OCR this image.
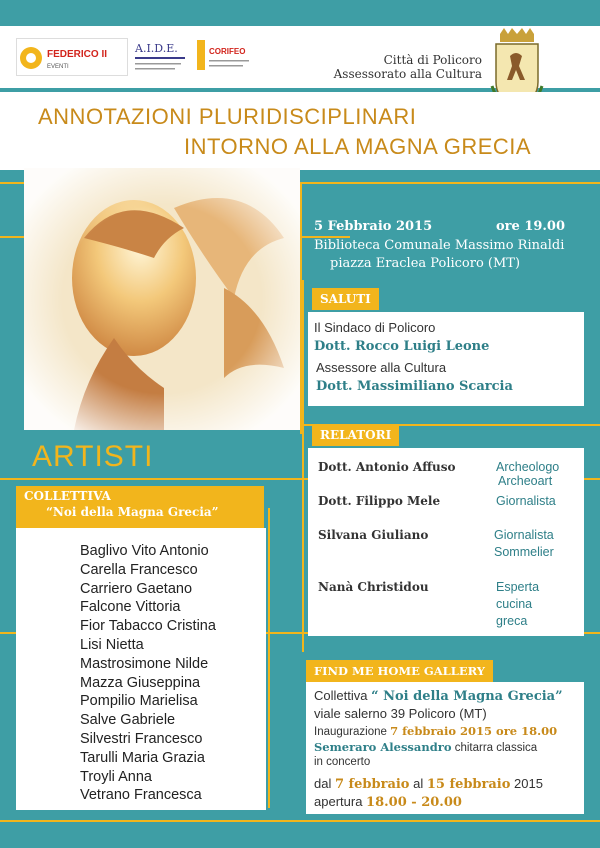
FEDERICO II
EVENTI
A.I.D.E.	CORIFEO
Città di Policoro
Assessorato alla Cultura
ANNOTAZIONI PLURIDISCIPLINARI
INTORNO ALLA MAGNA GRECIA
5 Febbraio 2015	ore 19.00
Biblioteca Comunale Massimo Rinaldi
piazza Eraclea Policoro (MT)
SALUTI
Il Sindaco di Policoro
Dott. Rocco Luigi Leone
Assessore alla Cultura
Dott. Massimiliano Scarcia
RELATORI
Dott. Antonio Affuso	Archeologo
Archeoart
Dott. Filippo Mele	Giornalista
Silvana Giuliano	Giornalista
Sommelier
Nanà Christidou	Esperta
cucina
greca
ARTISTI
COLLETTIVA
“Noi della Magna Grecia”
Baglivo Vito Antonio
Carella Francesco
Carriero Gaetano
Falcone Vittoria
Fior Tabacco Cristina
Lisi Nietta
Mastrosimone Nilde
Mazza Giuseppina
Pompilio Marielisa
Salve Gabriele
Silvestri Francesco
Tarulli Maria Grazia
Troyli Anna
Vetrano Francesca
FIND ME HOME GALLERY
Collettiva “ Noi della Magna Grecia”
viale salerno 39 Policoro (MT)
Inaugurazione 7 febbraio 2015 ore 18.00
Semeraro Alessandro chitarra classica
in concerto
dal 7 febbraio al 15 febbraio 2015
apertura 18.00 - 20.00
